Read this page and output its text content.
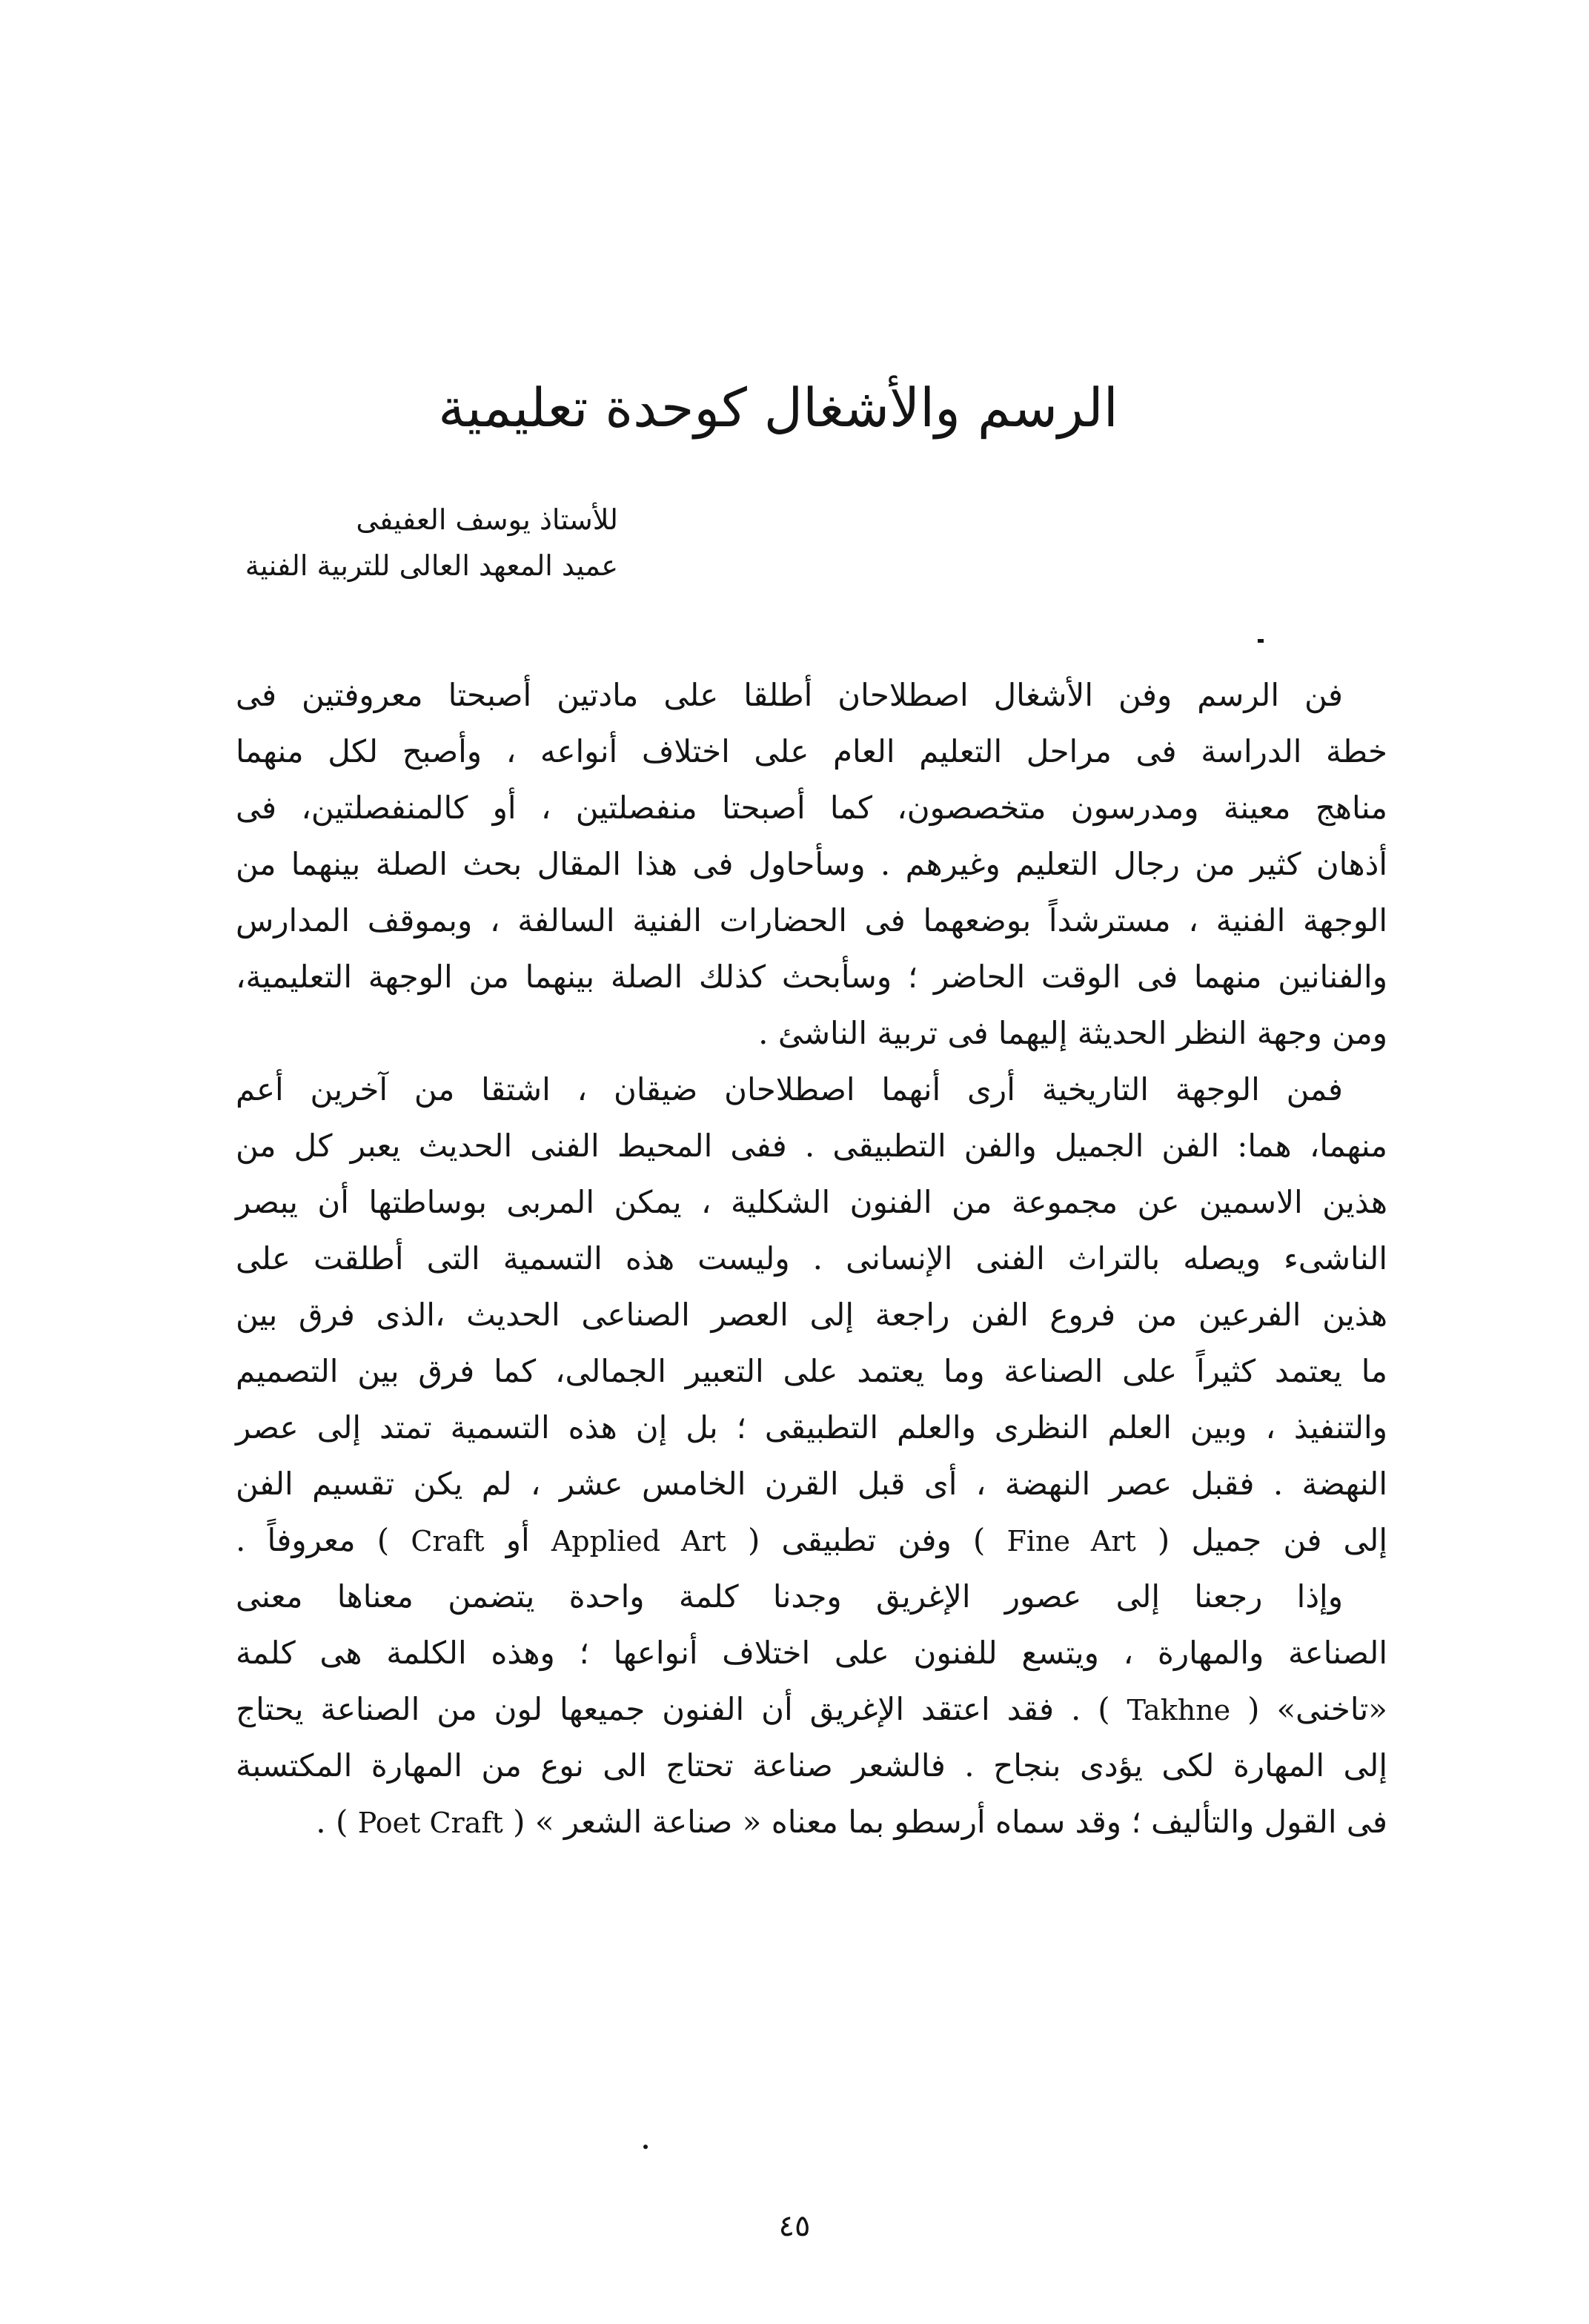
الرسم والأشغال كوحدة تعليمية
للأستاذ يوسف العفيفى
عميد المعهد العالى للتربية الفنية
فن الرسم وفن الأشغال اصطلاحان أطلقا على مادتين أصبحتا معروفتين فى
خطة الدراسة فى مراحل التعليم العام على اختلاف أنواعه ، وأصبح لكل منهما
مناهج معينة ومدرسون متخصصون، كما أصبحتا منفصلتين ، أو كالمنفصلتين، فى
أذهان كثير من رجال التعليم وغيرهم . وسأحاول فى هذا المقال بحث الصلة بينهما من
الوجهة الفنية ، مسترشداً بوضعهما فى الحضارات الفنية السالفة ، وبموقف المدارس
والفنانين منهما فى الوقت الحاضر ؛ وسأبحث كذلك الصلة بينهما من الوجهة التعليمية،
ومن وجهة النظر الحديثة إليهما فى تربية الناشئ .
فمن الوجهة التاريخية أرى أنهما اصطلاحان ضيقان ، اشتقا من آخرين أعم
منهما، هما: الفن الجميل والفن التطبيقى . ففى المحيط الفنى الحديث يعبر كل من
هذين الاسمين عن مجموعة من الفنون الشكلية ، يمكن المربى بوساطتها أن يبصر
الناشىء ويصله بالتراث الفنى الإنسانى . وليست هذه التسمية التى أطلقت على
هذين الفرعين من فروع الفن راجعة إلى العصر الصناعى الحديث ،الذى فرق بين
ما يعتمد كثيراً على الصناعة وما يعتمد على التعبير الجمالى، كما فرق بين التصميم
والتنفيذ ، وبين العلم النظرى والعلم التطبيقى ؛ بل إن هذه التسمية تمتد إلى عصر
النهضة . فقبل عصر النهضة ، أى قبل القرن الخامس عشر ، لم يكن تقسيم الفن
إلى فن جميل ( Fine Art ) وفن تطبيقى ( Applied Art أو Craft ) معروفاً .
وإذا رجعنا إلى عصور الإغريق وجدنا كلمة واحدة يتضمن معناها معنى
الصناعة والمهارة ، ويتسع للفنون على اختلاف أنواعها ؛ وهذه الكلمة هى كلمة
«تاخنى» ( Takhne ) . فقد اعتقد الإغريق أن الفنون جميعها لون من الصناعة يحتاج
إلى المهارة لكى يؤدى بنجاح . فالشعر صناعة تحتاج الى نوع من المهارة المكتسبة
فى القول والتأليف ؛ وقد سماه أرسطو بما معناه « صناعة الشعر » ( Poet Craft ) .
٤٥
